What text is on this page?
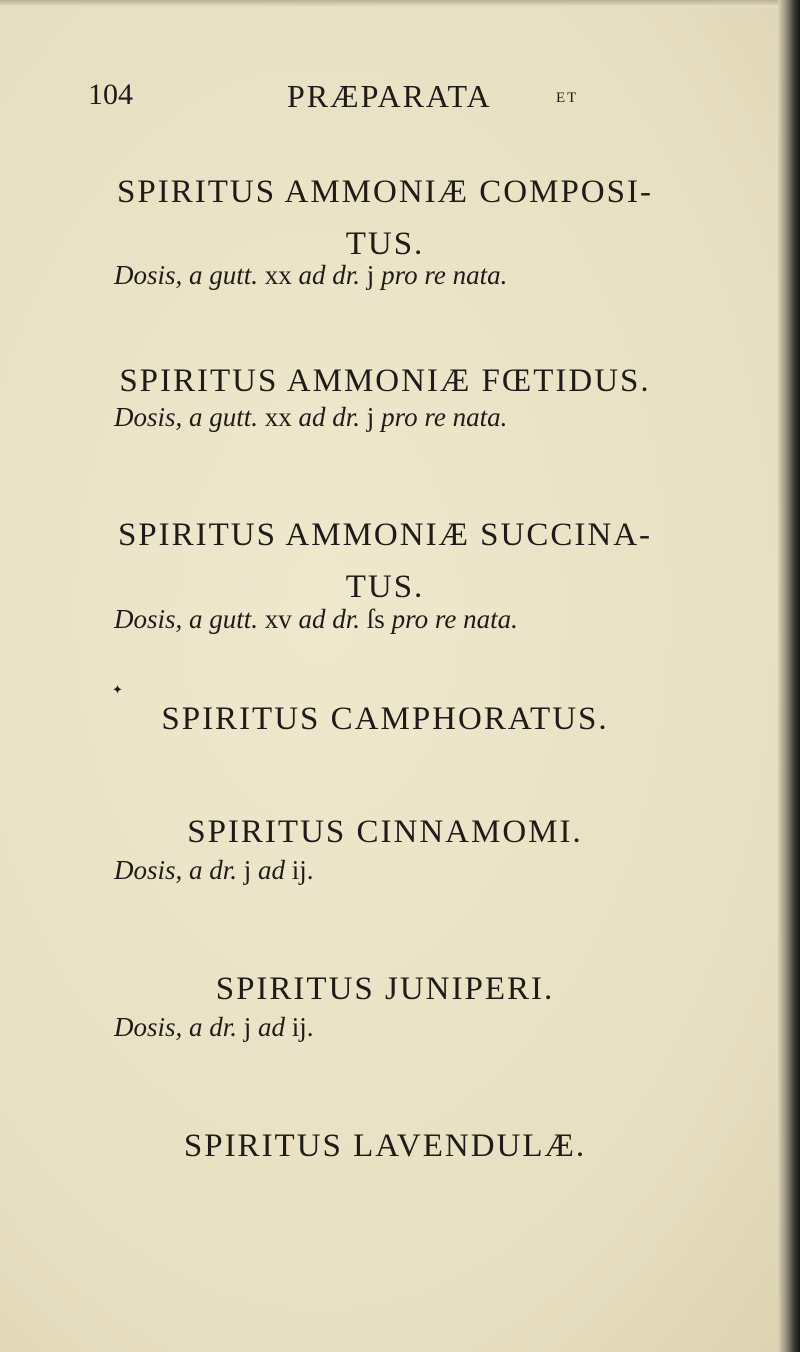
104	PRÆPARATA	ET
SPIRITUS AMMONIÆ COMPOSI-
TUS.
Dosis, a gutt. xx ad dr. j pro re nata.
SPIRITUS AMMONIÆ FŒTIDUS.
Dosis, a gutt. xx ad dr. j pro re nata.
SPIRITUS AMMONIÆ SUCCINA-
TUS.
Dosis, a gutt. xv ad dr. ſs pro re nata.
✦
SPIRITUS CAMPHORATUS.
SPIRITUS CINNAMOMI.
Dosis, a dr. j ad ij.
SPIRITUS JUNIPERI.
Dosis, a dr. j ad ij.
SPIRITUS LAVENDULÆ.
